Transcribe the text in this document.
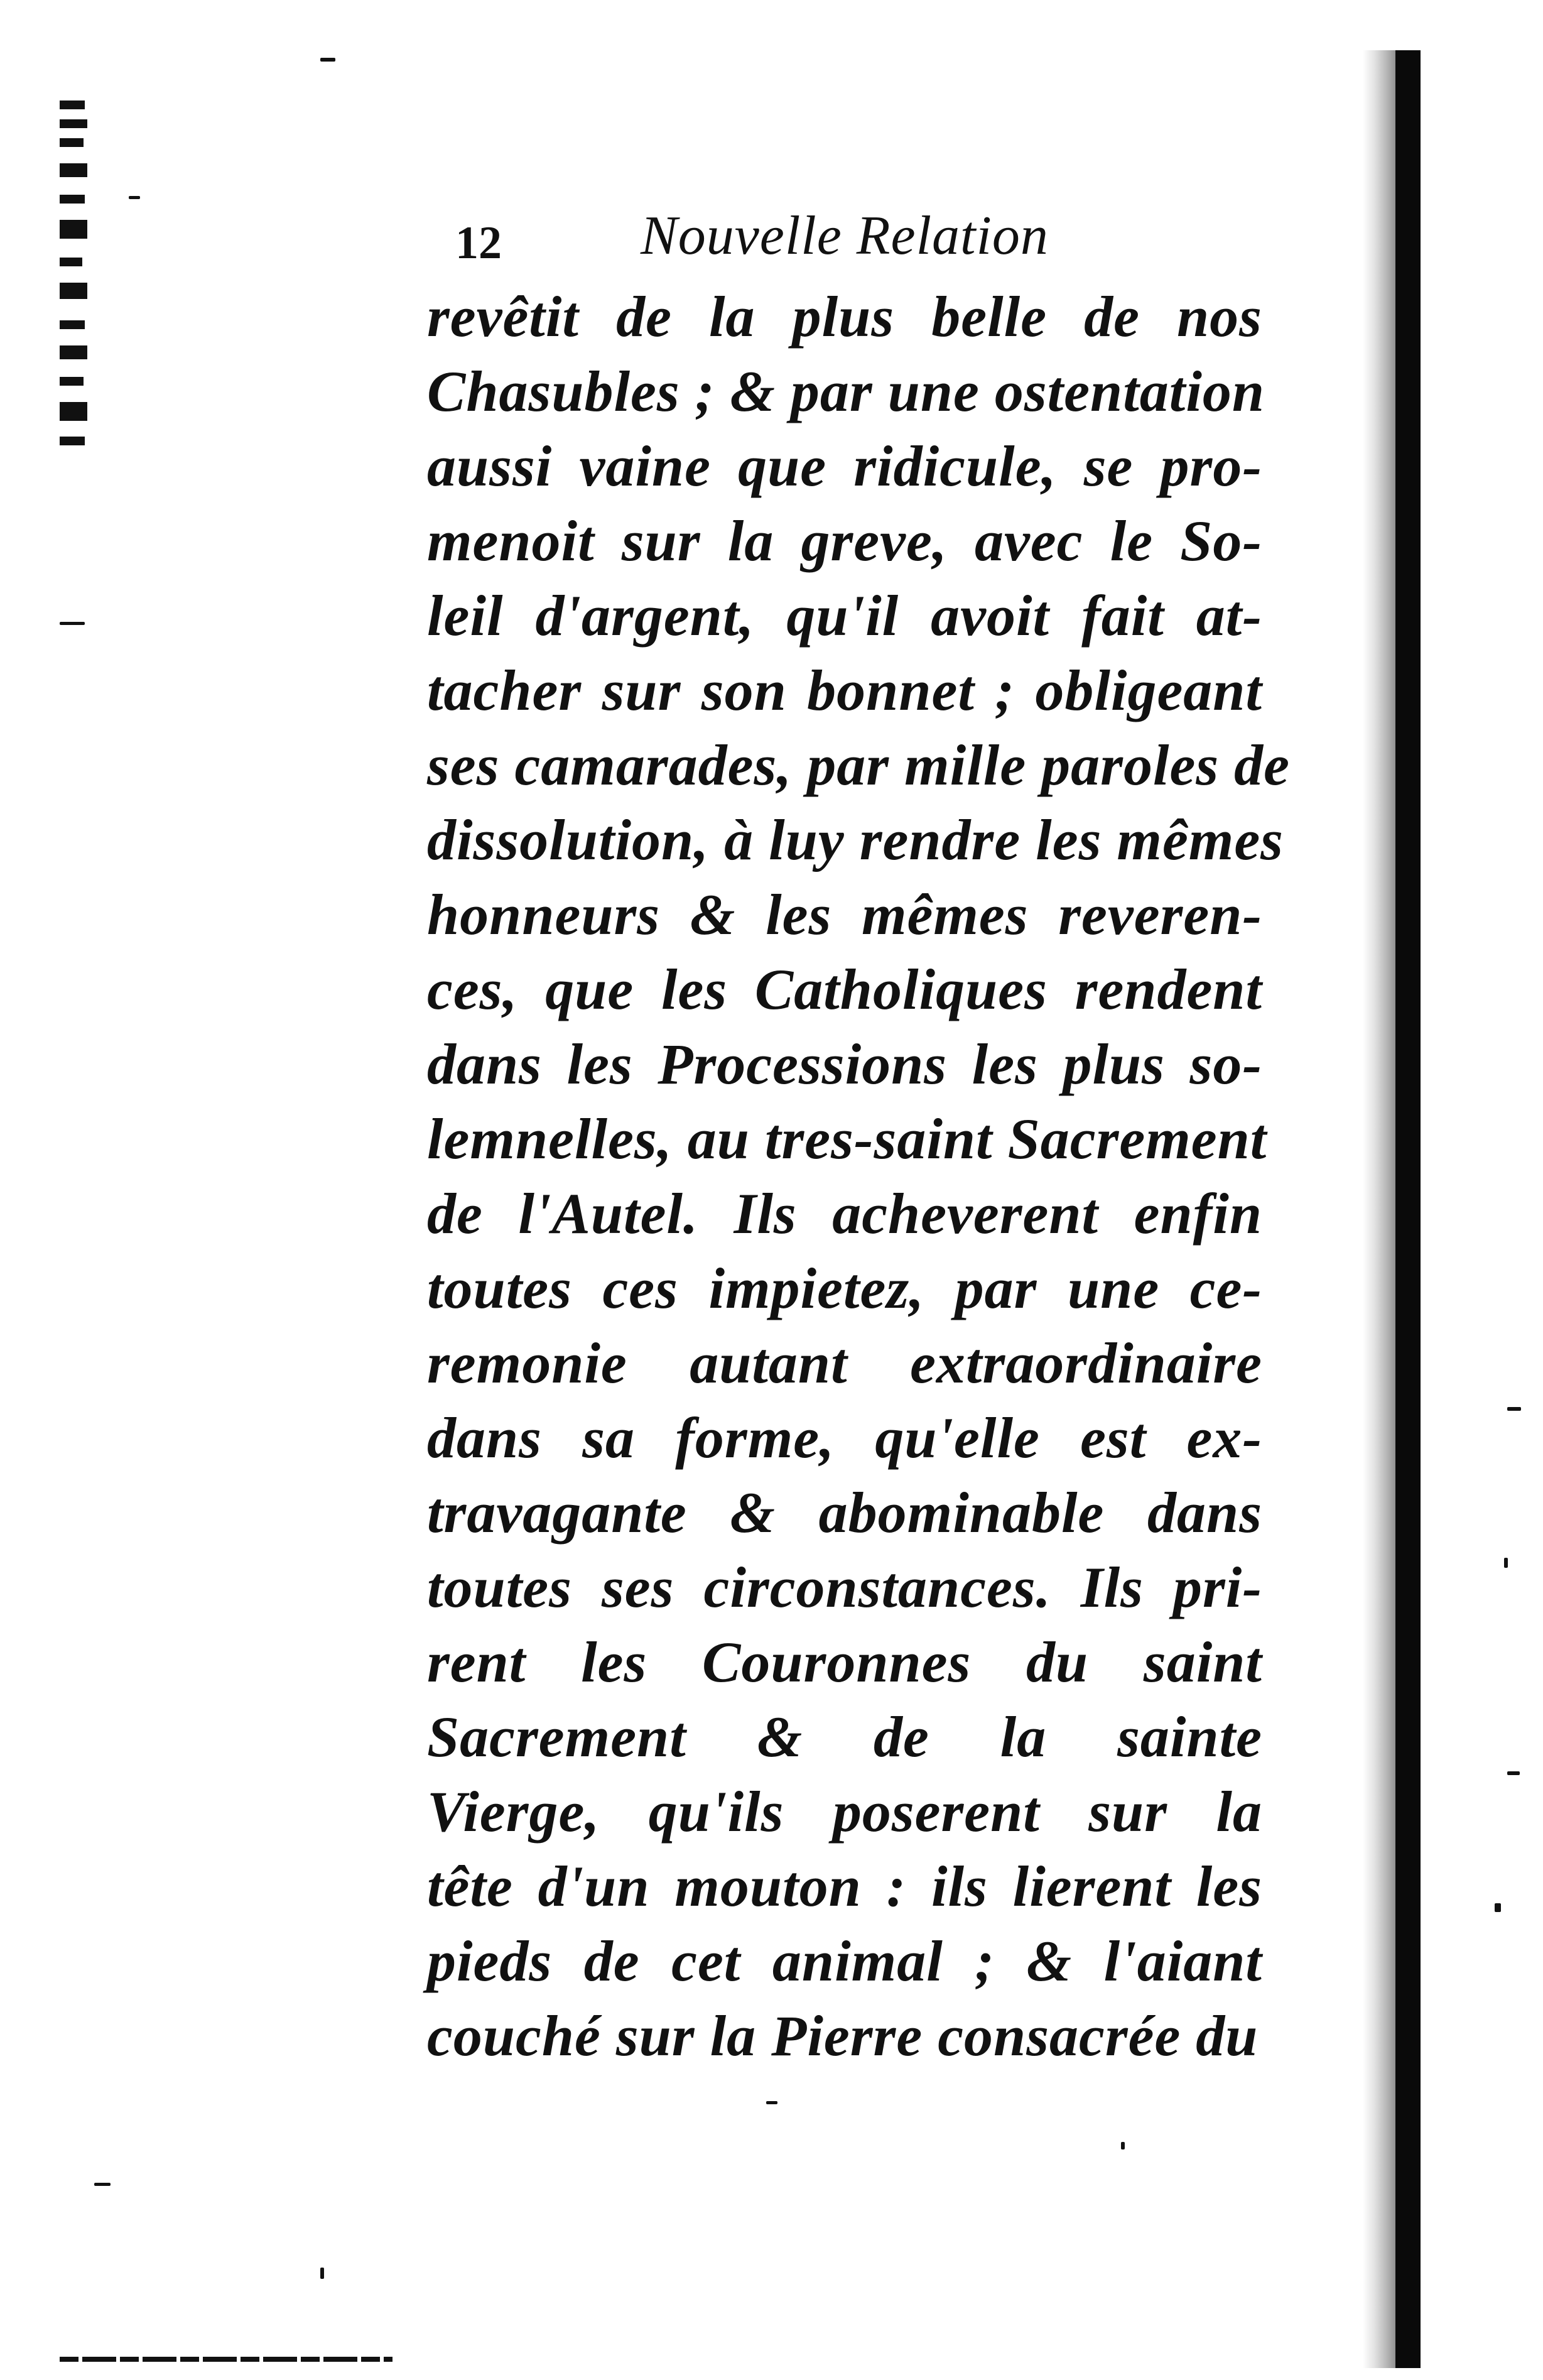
12	Nouvelle Relation
revêtit de la plus belle de nos
Chasubles ; & par une ostentation
aussi vaine que ridicule, se pro-
menoit sur la greve, avec le So-
leil d'argent, qu'il avoit fait at-
tacher sur son bonnet ; obligeant
ses camarades, par mille paroles de
dissolution, à luy rendre les mêmes
honneurs & les mêmes reveren-
ces, que les Catholiques rendent
dans les Processions les plus so-
lemnelles, au tres-saint Sacrement
de l'Autel. Ils acheverent enfin
toutes ces impietez, par une ce-
remonie autant extraordinaire
dans sa forme, qu'elle est ex-
travagante & abominable dans
toutes ses circonstances. Ils pri-
rent les Couronnes du saint
Sacrement & de la sainte
Vierge, qu'ils poserent sur la
tête d'un mouton : ils lierent les
pieds de cet animal ; & l'aiant
couché sur la Pierre consacrée du
